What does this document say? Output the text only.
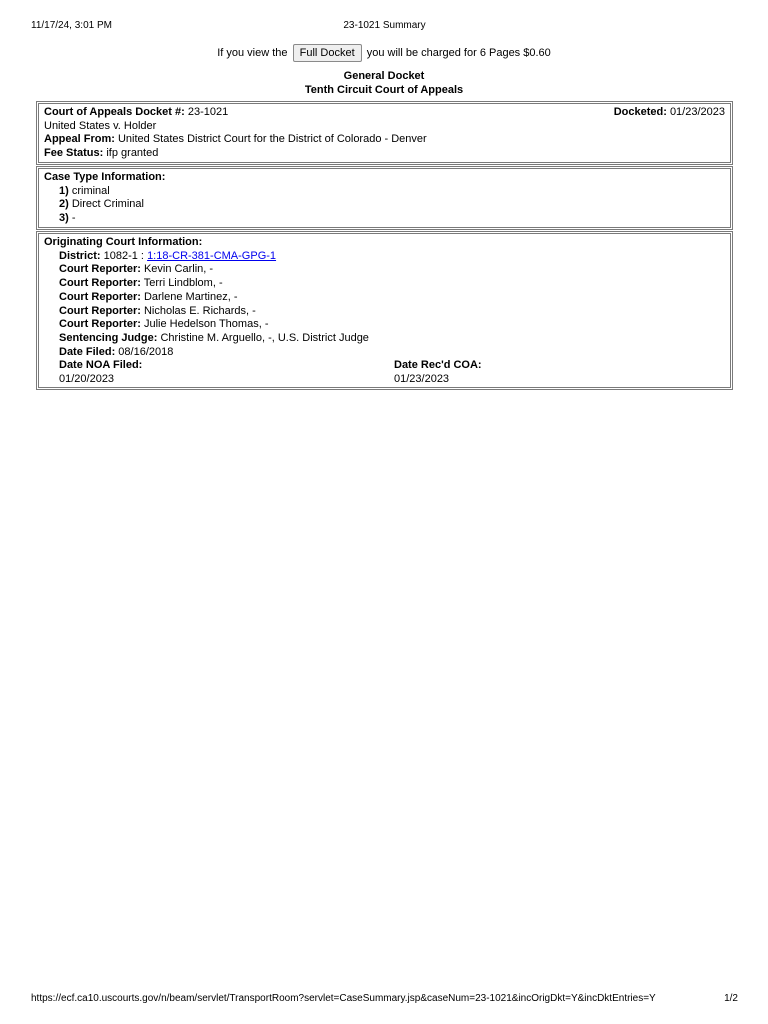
11/17/24, 3:01 PM	23-1021 Summary
If you view the Full Docket you will be charged for 6 Pages $0.60
General Docket
Tenth Circuit Court of Appeals
Court of Appeals Docket #: 23-1021	Docketed: 01/23/2023
United States v. Holder
Appeal From: United States District Court for the District of Colorado - Denver
Fee Status: ifp granted
Case Type Information:
1) criminal
2) Direct Criminal
3) -
Originating Court Information:
District: 1082-1 : 1:18-CR-381-CMA-GPG-1
Court Reporter: Kevin Carlin, -
Court Reporter: Terri Lindblom, -
Court Reporter: Darlene Martinez, -
Court Reporter: Nicholas E. Richards, -
Court Reporter: Julie Hedelson Thomas, -
Sentencing Judge: Christine M. Arguello, -, U.S. District Judge
Date Filed: 08/16/2018
Date NOA Filed:	Date Rec'd COA:
01/20/2023	01/23/2023
https://ecf.ca10.uscourts.gov/n/beam/servlet/TransportRoom?servlet=CaseSummary.jsp&caseNum=23-1021&incOrigDkt=Y&incDktEntries=Y	1/2
